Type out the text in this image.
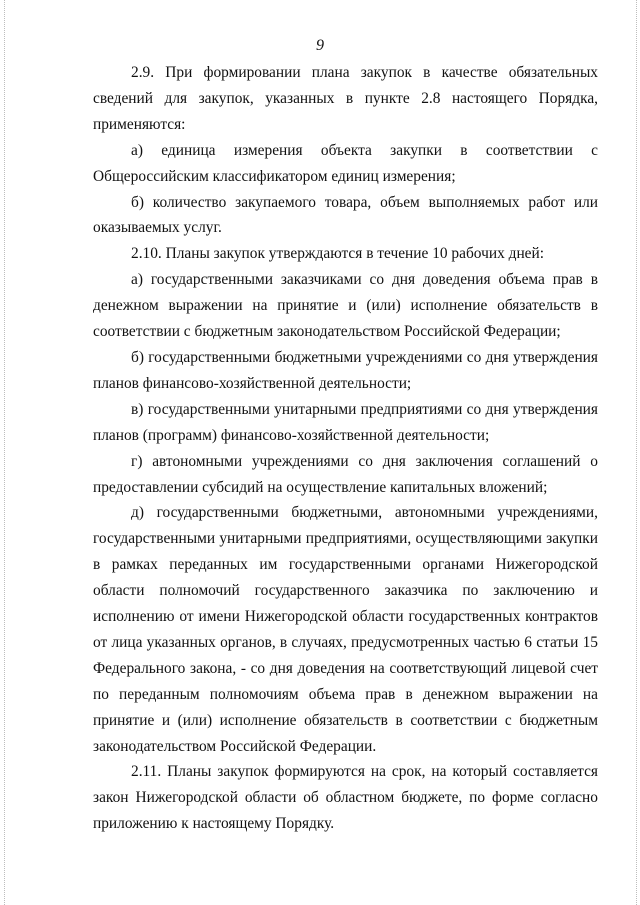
9

2.9. При формировании плана закупок в качестве обязательных сведений для закупок, указанных в пункте 2.8 настоящего Порядка, применяются:

а) единица измерения объекта закупки в соответствии с Общероссийским классификатором единиц измерения;

б) количество закупаемого товара, объем выполняемых работ или оказываемых услуг.

2.10. Планы закупок утверждаются в течение 10 рабочих дней:

а) государственными заказчиками со дня доведения объема прав в денежном выражении на принятие и (или) исполнение обязательств в соответствии с бюджетным законодательством Российской Федерации;

б) государственными бюджетными учреждениями со дня утверждения планов финансово-хозяйственной деятельности;

в) государственными унитарными предприятиями со дня утверждения планов (программ) финансово-хозяйственной деятельности;

г) автономными учреждениями со дня заключения соглашений о предоставлении субсидий на осуществление капитальных вложений;

д) государственными бюджетными, автономными учреждениями, государственными унитарными предприятиями, осуществляющими закупки в рамках переданных им государственными органами Нижегородской области полномочий государственного заказчика по заключению и исполнению от имени Нижегородской области государственных контрактов от лица указанных органов, в случаях, предусмотренных частью 6 статьи 15 Федерального закона, - со дня доведения на соответствующий лицевой счет по переданным полномочиям объема прав в денежном выражении на принятие и (или) исполнение обязательств в соответствии с бюджетным законодательством Российской Федерации.

2.11. Планы закупок формируются на срок, на который составляется закон Нижегородской области об областном бюджете, по форме согласно приложению к настоящему Порядку.
